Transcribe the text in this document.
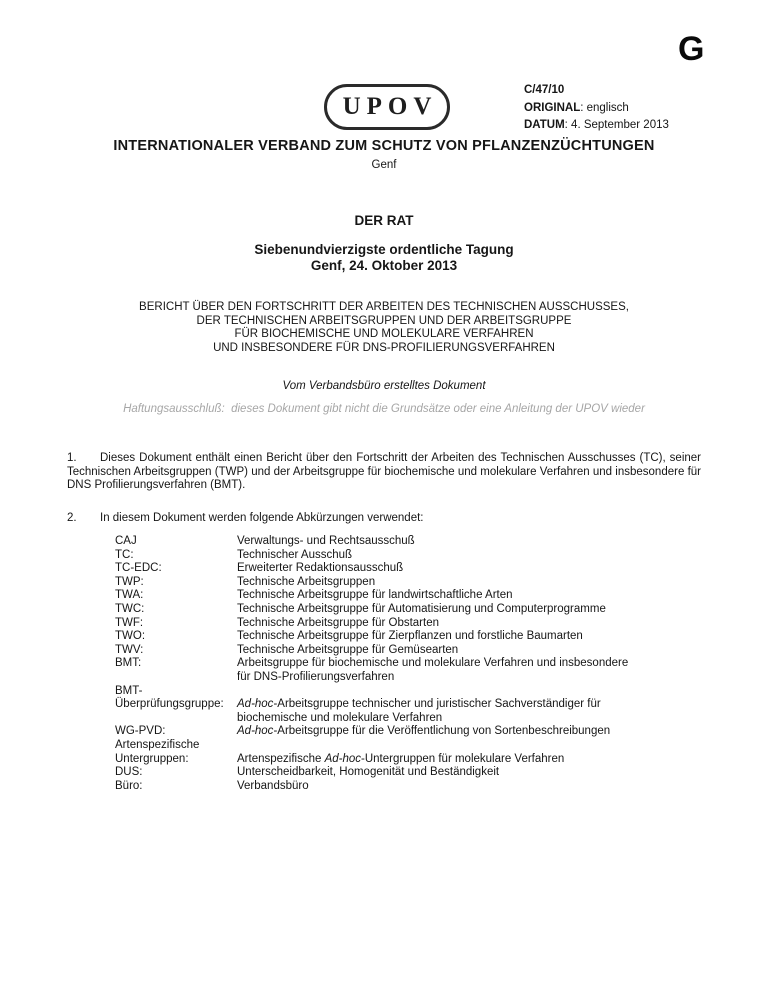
G
UPOV
C/47/10
ORIGINAL: englisch
DATUM: 4. September 2013
INTERNATIONALER VERBAND ZUM SCHUTZ VON PFLANZENZÜCHTUNGEN
Genf
DER RAT
Siebenundvierzigste ordentliche Tagung
Genf, 24. Oktober 2013
BERICHT ÜBER DEN FORTSCHRITT DER ARBEITEN DES TECHNISCHEN AUSSCHUSSES,
DER TECHNISCHEN ARBEITSGRUPPEN UND DER ARBEITSGRUPPE
FÜR BIOCHEMISCHE UND MOLEKULARE VERFAHREN
UND INSBESONDERE FÜR DNS-PROFILIERUNGSVERFAHREN
Vom Verbandsbüro erstelltes Dokument
Haftungsausschluß:  dieses Dokument gibt nicht die Grundsätze oder eine Anleitung der UPOV wieder
1. Dieses Dokument enthält einen Bericht über den Fortschritt der Arbeiten des Technischen Ausschusses (TC), seiner Technischen Arbeitsgruppen (TWP) und der Arbeitsgruppe für biochemische und molekulare Verfahren und insbesondere für DNS Profilierungsverfahren (BMT).
2. In diesem Dokument werden folgende Abkürzungen verwendet:
CAJ	Verwaltungs- und Rechtsausschuß
TC:	Technischer Ausschuß
TC-EDC:	Erweiterter Redaktionsausschuß
TWP:	Technische Arbeitsgruppen
TWA:	Technische Arbeitsgruppe für landwirtschaftliche Arten
TWC:	Technische Arbeitsgruppe für Automatisierung und Computerprogramme
TWF:	Technische Arbeitsgruppe für Obstarten
TWO:	Technische Arbeitsgruppe für Zierpflanzen und forstliche Baumarten
TWV:	Technische Arbeitsgruppe für Gemüsearten
BMT:	Arbeitsgruppe für biochemische und molekulare Verfahren und insbesondere
für DNS-Profilierungsverfahren
BMT-
Überprüfungsgruppe:	Ad-hoc-Arbeitsgruppe technischer und juristischer Sachverständiger für
biochemische und molekulare Verfahren
WG-PVD:	Ad-hoc-Arbeitsgruppe für die Veröffentlichung von Sortenbeschreibungen
Artenspezifische
Untergruppen:	Artenspezifische Ad-hoc-Untergruppen für molekulare Verfahren
DUS:	Unterscheidbarkeit, Homogenität und Beständigkeit
Büro:	Verbandsbüro
